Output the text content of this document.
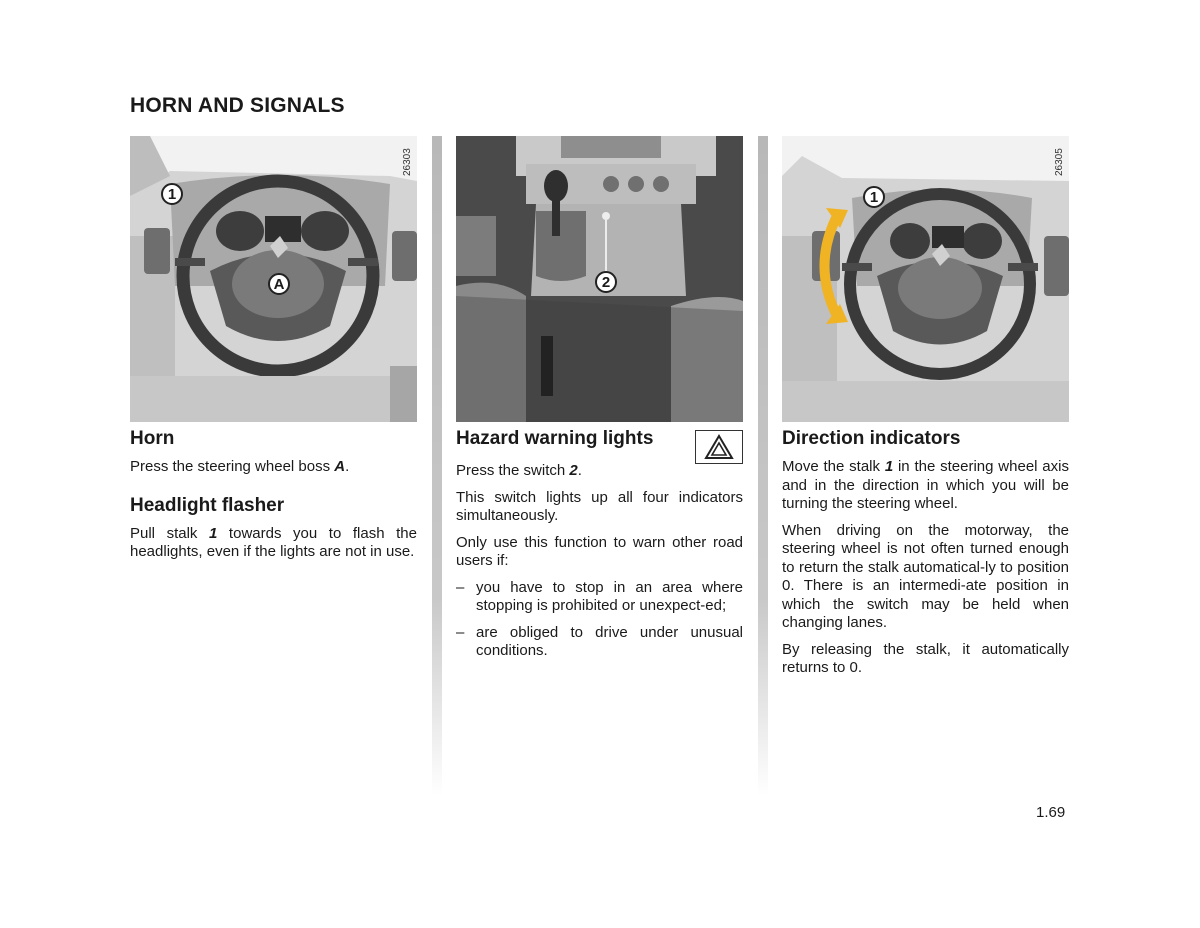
HORN AND SIGNALS
26303
1
A
Horn

Press the steering wheel boss A.

Headlight flasher

Pull stalk 1 towards you to flash the headlights, even if the lights are not in use.

2
Hazard warning lights

Press the switch 2.

This switch lights up all four indicators simultaneously.

Only use this function to warn other road users if:

– you have to stop in an area where stopping is prohibited or unexpect-ed;
– are obliged to drive under unusual conditions.
26305
1
Direction indicators

Move the stalk 1 in the steering wheel axis and in the direction in which you will be turning the steering wheel.

When driving on the motorway, the steering wheel is not often turned enough to return the stalk automatical-ly to position 0. There is an intermedi-ate position in which the switch may be held when changing lanes.

By releasing the stalk, it automatically returns to 0.

1.69
